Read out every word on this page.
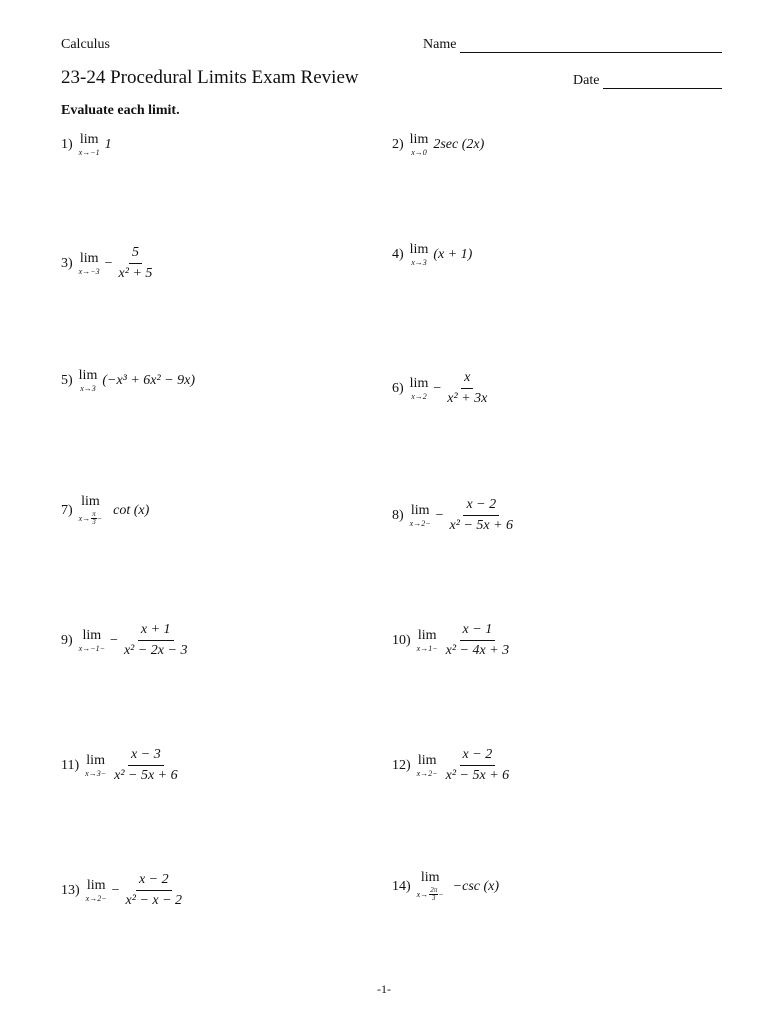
Calculus	Name
23-24 Procedural Limits Exam Review	Date
Evaluate each limit.
1) lim
x→−1
1	2) lim
x→0
2sec (2x)
3) lim
x→−3
− $\frac{5}{\text{x² + 5}}$	4) lim
x→3
(x + 1)
5) lim
x→3
(−x³ + 6x² − 9x)
6) lim
x→2
− $\frac{x}{\text{x² + 3x}}$
7)
lim
$x\to \frac{\pi}{3}$ −
cot (x)	8) lim
x→2−
− $\frac{x - 2}{\text{x² − 5x + 6}}$
9) lim
x→−1−
− $\frac{x + 1}{\text{x² − 2x − 3}}$	10) lim
$x\to 1- \frac{x - 1}{\text{x² − 4x + 3}}$
11) lim
$x\to 3- \frac{x - 3}{\text{x² − 5x + 6}}$	12) lim
$x\to 2- \frac{x - 2}{\text{x² − 5x + 6}}$
13) lim
x→2−
− $\frac{x - 2}{\text{x² − x − 2}}$	14)
lim
$x\to \frac{2\pi}{3}$ −
−csc (x)
-1-
